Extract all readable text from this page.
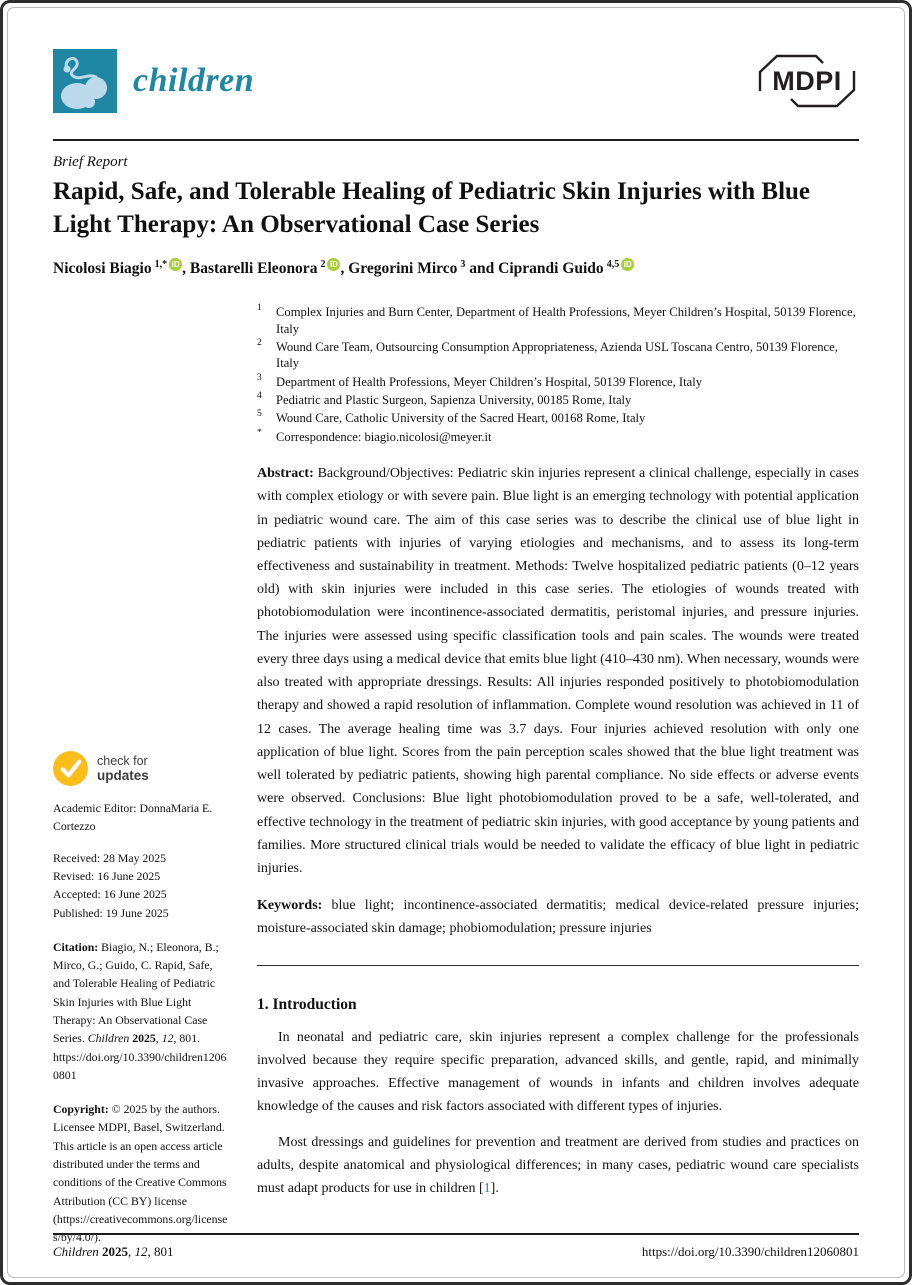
children	MDPI
Brief Report
Rapid, Safe, and Tolerable Healing of Pediatric Skin Injuries with Blue Light Therapy: An Observational Case Series
Nicolosi Biagio $^{1,*}$ iD , Bastarelli Eleonora $^2$ iD , Gregorini Mirco $^3$ and Ciprandi Guido $^{4,5}$ iD
check for
updates
Academic Editor: DonnaMaria E. Cortezzo
Received: 28 May 2025
Revised: 16 June 2025
Accepted: 16 June 2025
Published: 19 June 2025
Citation: Biagio, N.; Eleonora, B.; Mirco, G.; Guido, C. Rapid, Safe, and Tolerable Healing of Pediatric Skin Injuries with Blue Light Therapy: An Observational Case Series. Children 2025, 12, 801. https://doi.org/10.3390/children12060801
Copyright: © 2025 by the authors. Licensee MDPI, Basel, Switzerland. This article is an open access article distributed under the terms and conditions of the Creative Commons Attribution (CC BY) license (https://creativecommons.org/licenses/by/4.0/).
1	Complex Injuries and Burn Center, Department of Health Professions, Meyer Children’s Hospital, 50139 Florence, Italy
2	Wound Care Team, Outsourcing Consumption Appropriateness, Azienda USL Toscana Centro, 50139 Florence, Italy
3	Department of Health Professions, Meyer Children’s Hospital, 50139 Florence, Italy
4	Pediatric and Plastic Surgeon, Sapienza University, 00185 Rome, Italy
5	Wound Care, Catholic University of the Sacred Heart, 00168 Rome, Italy
*	Correspondence: biagio.nicolosi@meyer.it
Abstract: Background/Objectives: Pediatric skin injuries represent a clinical challenge, especially in cases with complex etiology or with severe pain. Blue light is an emerging technology with potential application in pediatric wound care. The aim of this case series was to describe the clinical use of blue light in pediatric patients with injuries of varying etiologies and mechanisms, and to assess its long-term effectiveness and sustainability in treatment. Methods: Twelve hospitalized pediatric patients (0–12 years old) with skin injuries were included in this case series. The etiologies of wounds treated with photobiomodulation were incontinence-associated dermatitis, peristomal injuries, and pressure injuries. The injuries were assessed using specific classification tools and pain scales. The wounds were treated every three days using a medical device that emits blue light (410–430 nm). When necessary, wounds were also treated with appropriate dressings. Results: All injuries responded positively to photobiomodulation therapy and showed a rapid resolution of inflammation. Complete wound resolution was achieved in 11 of 12 cases. The average healing time was 3.7 days. Four injuries achieved resolution with only one application of blue light. Scores from the pain perception scales showed that the blue light treatment was well tolerated by pediatric patients, showing high parental compliance. No side effects or adverse events were observed. Conclusions: Blue light photobiomodulation proved to be a safe, well-tolerated, and effective technology in the treatment of pediatric skin injuries, with good acceptance by young patients and families. More structured clinical trials would be needed to validate the efficacy of blue light in pediatric injuries.
Keywords: blue light; incontinence-associated dermatitis; medical device-related pressure injuries; moisture-associated skin damage; phobiomodulation; pressure injuries
1. Introduction

In neonatal and pediatric care, skin injuries represent a complex challenge for the professionals involved because they require specific preparation, advanced skills, and gentle, rapid, and minimally invasive approaches. Effective management of wounds in infants and children involves adequate knowledge of the causes and risk factors associated with different types of injuries.

Most dressings and guidelines for prevention and treatment are derived from studies and practices on adults, despite anatomical and physiological differences; in many cases, pediatric wound care specialists must adapt products for use in children [1].

Children 2025, 12, 801	https://doi.org/10.3390/children12060801
